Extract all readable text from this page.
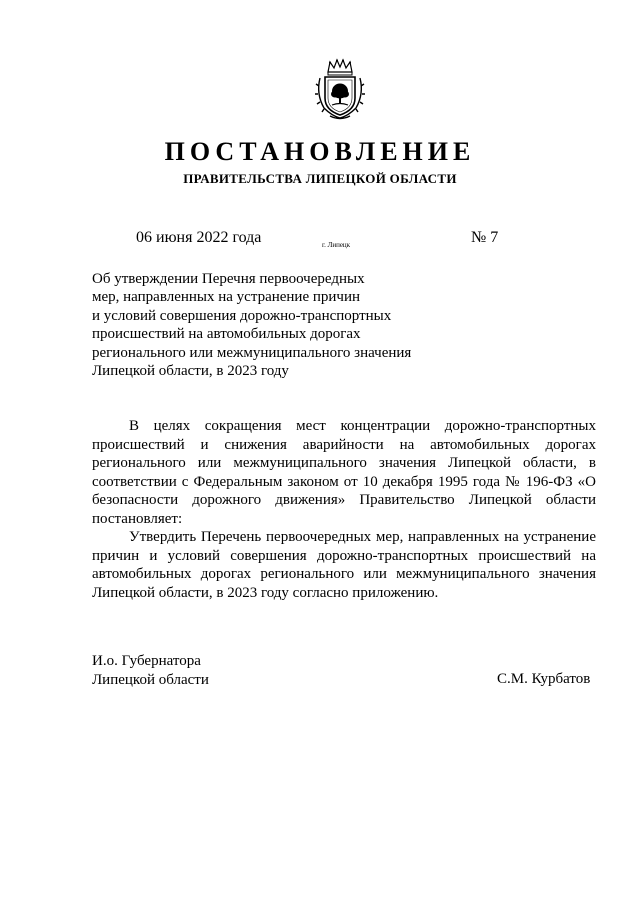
ПОСТАНОВЛЕНИЕ
ПРАВИТЕЛЬСТВА ЛИПЕЦКОЙ ОБЛАСТИ
06 июня 2022 года	г. Липецк	№ 7
Об утверждении Перечня первоочередных
мер, направленных на устранение причин
и условий совершения дорожно-транспортных
происшествий на автомобильных дорогах
регионального или межмуниципального значения
Липецкой области, в 2023 году

В целях сокращения мест концентрации дорожно-транспортных происшествий и снижения аварийности на автомобильных дорогах регионального или межмуниципального значения Липецкой области, в соответствии с Федеральным законом от 10 декабря 1995 года № 196-ФЗ «О безопасности дорожного движения» Правительство Липецкой области постановляет:

Утвердить Перечень первоочередных мер, направленных на устранение причин и условий совершения дорожно-транспортных происшествий на автомобильных дорогах регионального или межмуниципального значения Липецкой области, в 2023 году согласно приложению.

И.о. Губернатора
Липецкой области	С.М. Курбатов
